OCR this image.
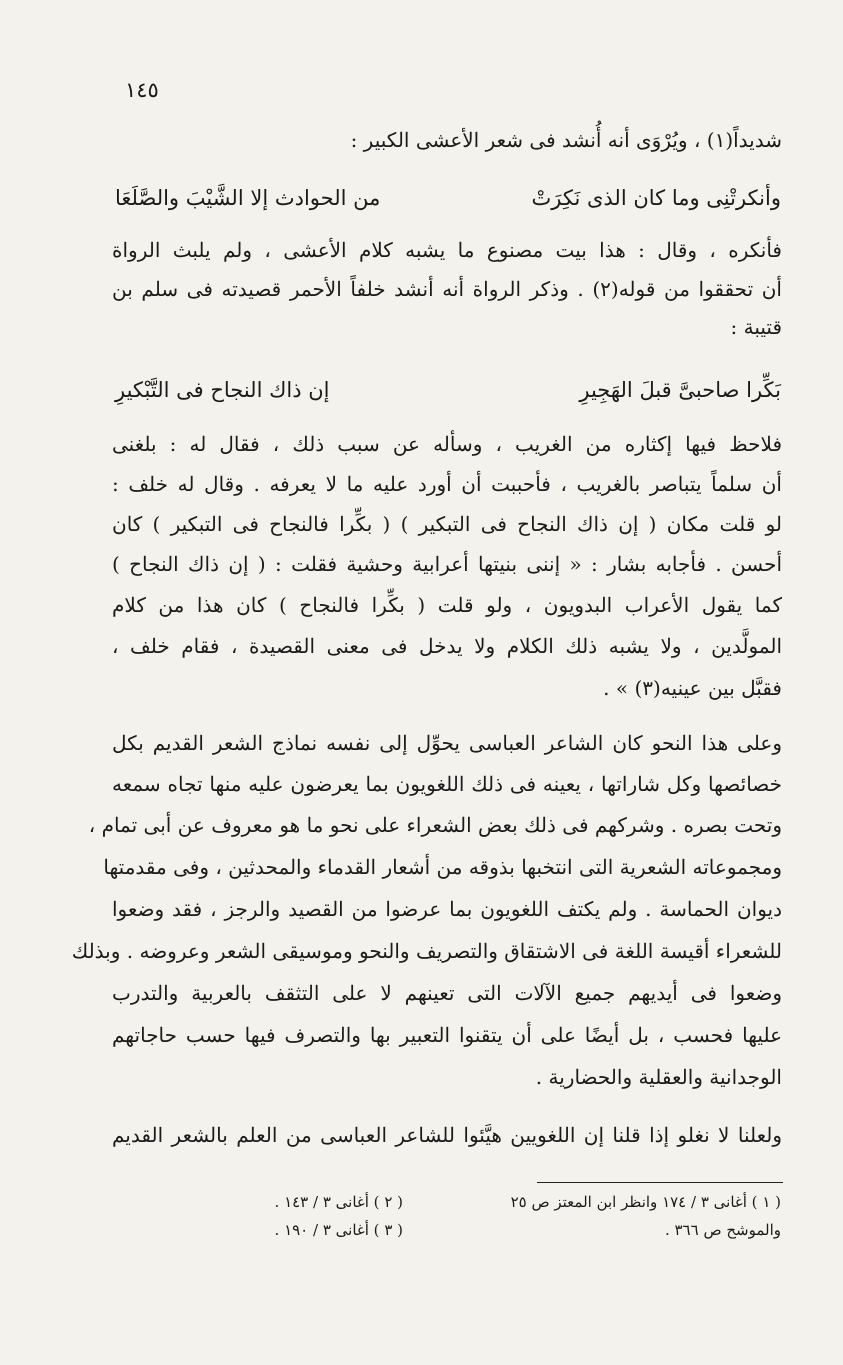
١٤٥
شديداً(١) ، ويُرْوَى أنه أُنشد فى شعر الأعشى الكبير :
وأنكرتْنِى وما كان الذى نَكِرَتْ
من الحوادث إلا الشَّيْبَ والصَّلَعَا
فأنكره ، وقال : هذا بيت مصنوع ما يشبه كلام الأعشى ، ولم يلبث الرواة
أن تحققوا من قوله(٢) . وذكر الرواة أنه أنشد خلفاً الأحمر قصيدته فى سلم بن
قتيبة :
بَكِّرا صاحبىَّ قبلَ الهَجِيرِ
إن ذاك النجاح فى التَّبْكيرِ
فلاحظ فيها إكثاره من الغريب ، وسأله عن سبب ذلك ، فقال له : بلغنى
أن سلماً يتباصر بالغريب ، فأحببت أن أورد عليه ما لا يعرفه . وقال له خلف :
لو قلت مكان ( إن ذاك النجاح فى التبكير ) ( بكِّرا فالنجاح فى التبكير ) كان
أحسن . فأجابه بشار : « إننى بنيتها أعرابية وحشية فقلت : ( إن ذاك النجاح )
كما يقول الأعراب البدويون ، ولو قلت ( بكِّرا فالنجاح ) كان هذا من كلام
المولَّدين ، ولا يشبه ذلك الكلام ولا يدخل فى معنى القصيدة ، فقام خلف ،
فقبَّل بين عينيه(٣) » .
وعلى هذا النحو كان الشاعر العباسى يحوِّل إلى نفسه نماذج الشعر القديم بكل
خصائصها وكل شاراتها ، يعينه فى ذلك اللغويون بما يعرضون عليه منها تجاه سمعه
وتحت بصره . وشركهم فى ذلك بعض الشعراء على نحو ما هو معروف عن أبى تمام ،
ومجموعاته الشعرية التى انتخبها بذوقه من أشعار القدماء والمحدثين ، وفى مقدمتها
ديوان الحماسة . ولم يكتف اللغويون بما عرضوا من القصيد والرجز ، فقد وضعوا
للشعراء أقيسة اللغة فى الاشتقاق والتصريف والنحو وموسيقى الشعر وعروضه . وبذلك
وضعوا فى أيديهم جميع الآلات التى تعينهم لا على التثقف بالعربية والتدرب
عليها فحسب ، بل أيضًا على أن يتقنوا التعبير بها والتصرف فيها حسب حاجاتهم
الوجدانية والعقلية والحضارية .
ولعلنا لا نغلو إذا قلنا إن اللغويين هيَّئوا للشاعر العباسى من العلم بالشعر القديم
( ١ ) أغانى ٣ / ١٧٤ وانظر ابن المعتز ص ٢٥
والموشح ص ٣٦٦ .
( ٢ ) أغانى ٣ / ١٤٣ .
( ٣ ) أغانى ٣ / ١٩٠ .
